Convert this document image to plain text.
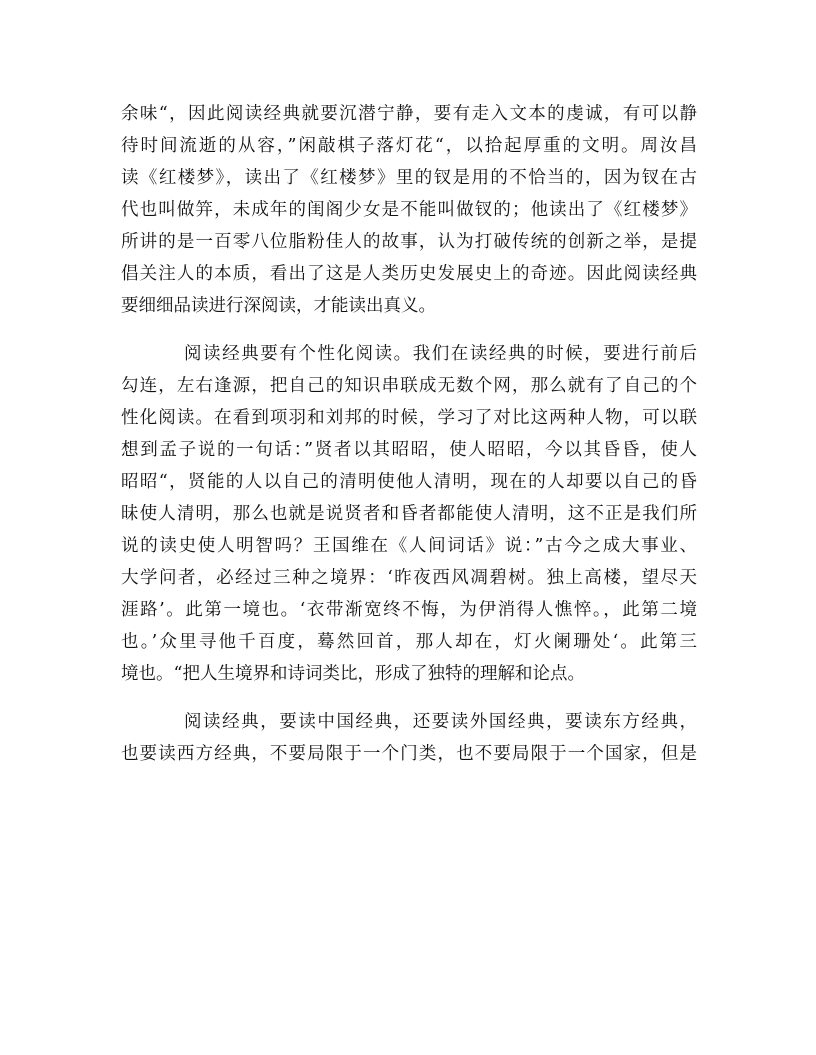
余味“，因此阅读经典就要沉潜宁静，要有走入文本的虔诚，有可以静
待时间流逝的从容，”闲敲棋子落灯花“，以拾起厚重的文明。周汝昌
读《红楼梦》，读出了《红楼梦》里的钗是用的不恰当的，因为钗在古
代也叫做笄，未成年的闺阁少女是不能叫做钗的；他读出了《红楼梦》
所讲的是一百零八位脂粉佳人的故事，认为打破传统的创新之举，是提
倡关注人的本质，看出了这是人类历史发展史上的奇迹。因此阅读经典
要细细品读进行深阅读，才能读出真义。
阅读经典要有个性化阅读。我们在读经典的时候，要进行前后
勾连，左右逢源，把自己的知识串联成无数个网，那么就有了自己的个
性化阅读。在看到项羽和刘邦的时候，学习了对比这两种人物，可以联
想到孟子说的一句话：”贤者以其昭昭，使人昭昭，今以其昏昏，使人
昭昭“，贤能的人以自己的清明使他人清明，现在的人却要以自己的昏
昧使人清明，那么也就是说贤者和昏者都能使人清明，这不正是我们所
说的读史使人明智吗？王国维在《人间词话》说：”古今之成大事业、
大学问者，必经过三种之境界：‘昨夜西风凋碧树。独上高楼，望尽天
涯路’。此第一境也。‘衣带渐宽终不悔，为伊消得人憔悴。，此第二境
也。’众里寻他千百度，蓦然回首，那人却在，灯火阑珊处‘。此第三
境也。“把人生境界和诗词类比，形成了独特的理解和论点。
阅读经典，要读中国经典，还要读外国经典，要读东方经典，
也要读西方经典，不要局限于一个门类，也不要局限于一个国家，但是
